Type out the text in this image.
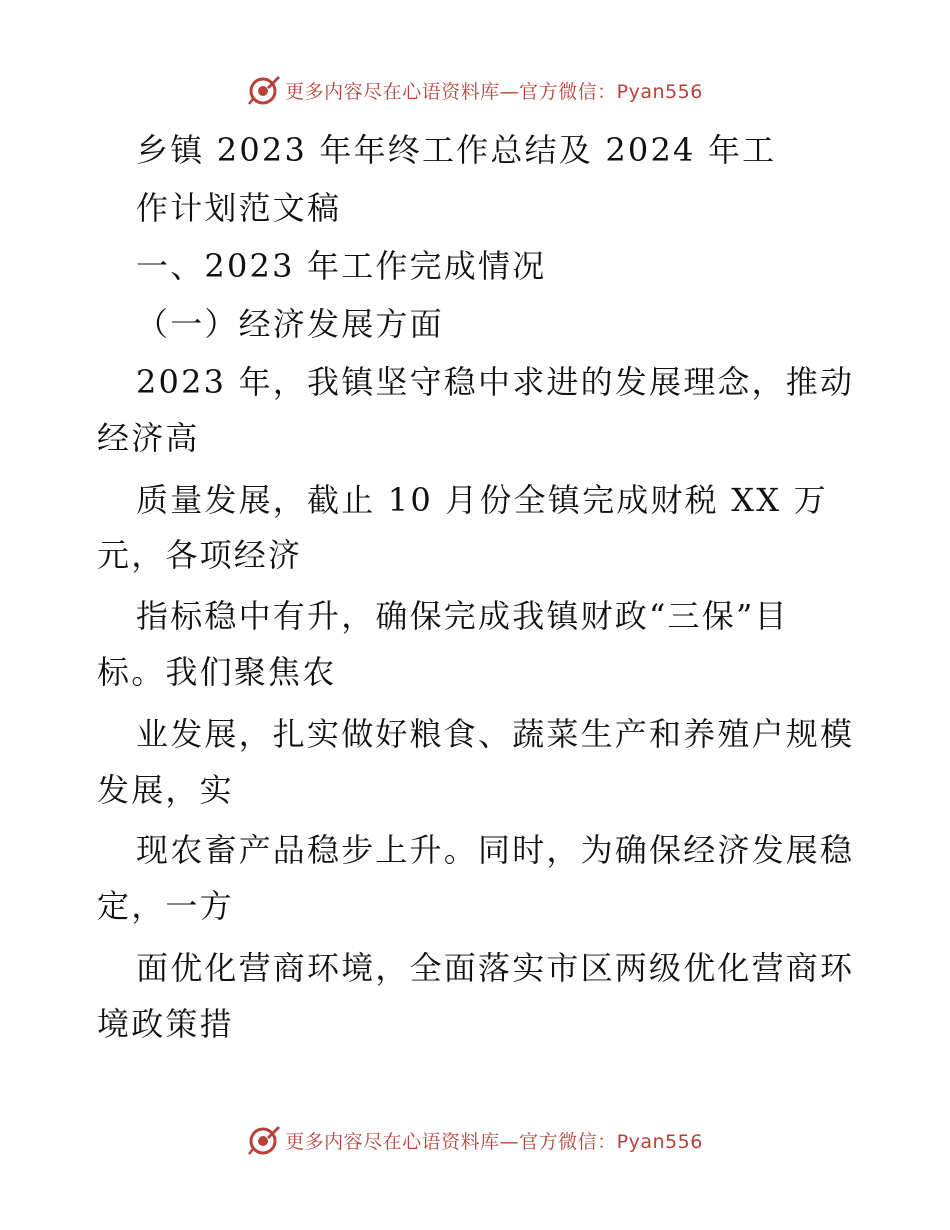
更多内容尽在心语资料库—官方微信：Pyan556
乡镇 2023 年年终工作总结及 2024 年工
作计划范文稿
一、2023 年工作完成情况
（一）经济发展方面
2023 年，我镇坚守稳中求进的发展理念，推动
经济高
质量发展，截止 10 月份全镇完成财税 XX 万
元，各项经济
指标稳中有升，确保完成我镇财政“三保”目
标。我们聚焦农
业发展，扎实做好粮食、蔬菜生产和养殖户规模
发展，实
现农畜产品稳步上升。同时，为确保经济发展稳
定，一方
面优化营商环境，全面落实市区两级优化营商环
境政策措
更多内容尽在心语资料库—官方微信：Pyan556
